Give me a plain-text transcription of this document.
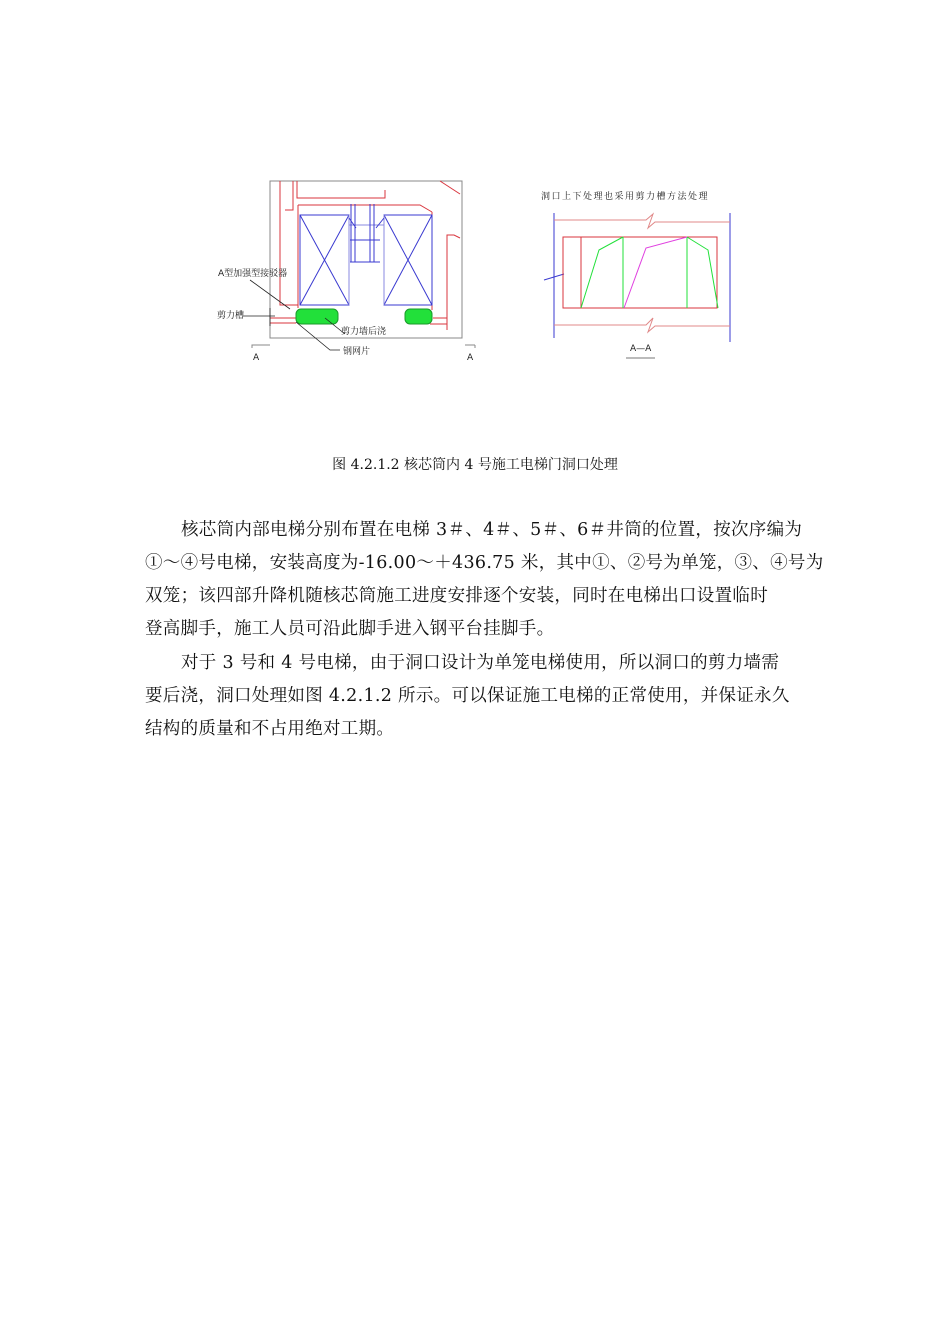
A型加强型接驳器
剪力槽
剪力墙后浇
钢网片
A	A
洞口上下处理也采用剪力槽方法处理
A—A
图 4.2.1.2 核芯筒内 4 号施工电梯门洞口处理
核芯筒内部电梯分别布置在电梯 3＃、4＃、5＃、6＃井筒的位置，按次序编为
①～④号电梯，安装高度为-16.00～＋436.75 米，其中①、②号为单笼，③、④号为
双笼；该四部升降机随核芯筒施工进度安排逐个安装，同时在电梯出口设置临时
登高脚手，施工人员可沿此脚手进入钢平台挂脚手。
对于 3 号和 4 号电梯，由于洞口设计为单笼电梯使用，所以洞口的剪力墙需
要后浇，洞口处理如图 4.2.1.2 所示。可以保证施工电梯的正常使用，并保证永久
结构的质量和不占用绝对工期。
